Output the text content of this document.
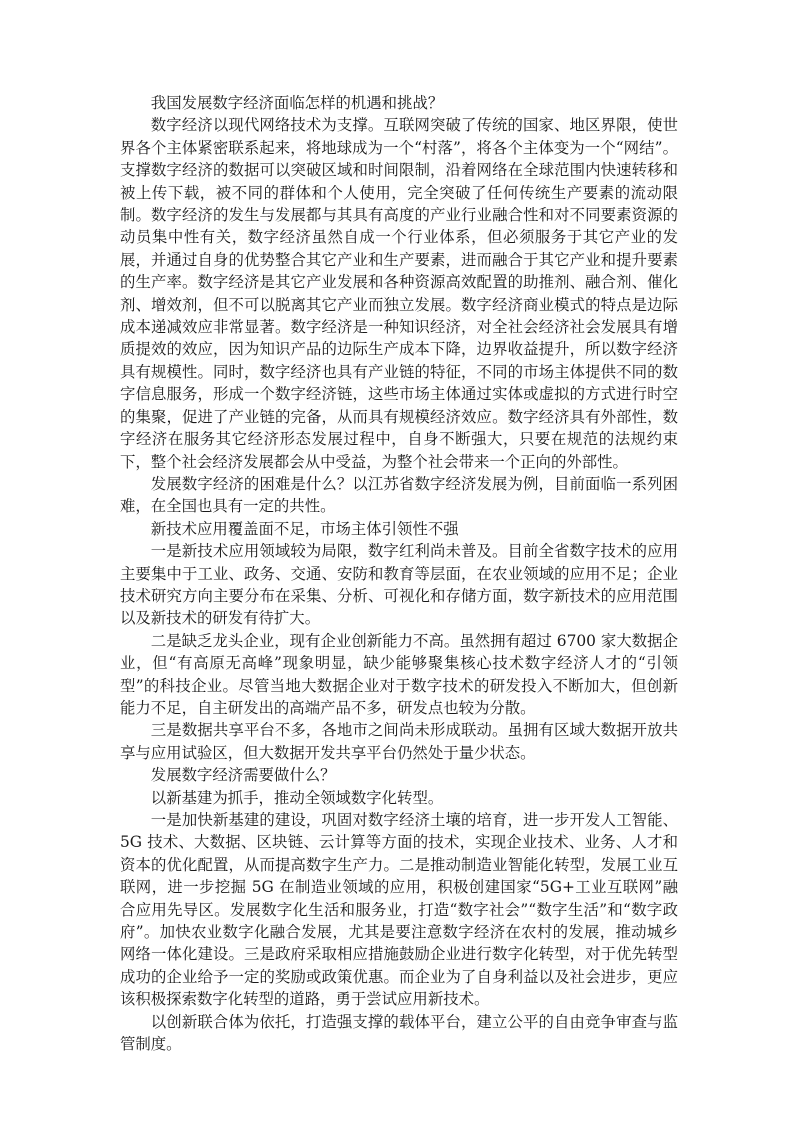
我国发展数字经济面临怎样的机遇和挑战？

数字经济以现代网络技术为支撑。互联网突破了传统的国家、地区界限，使世界各个主体紧密联系起来，将地球成为一个“村落”，将各个主体变为一个“网结”。支撑数字经济的数据可以突破区域和时间限制，沿着网络在全球范围内快速转移和被上传下载，被不同的群体和个人使用，完全突破了任何传统生产要素的流动限制。数字经济的发生与发展都与其具有高度的产业行业融合性和对不同要素资源的动员集中性有关，数字经济虽然自成一个行业体系，但必须服务于其它产业的发展，并通过自身的优势整合其它产业和生产要素，进而融合于其它产业和提升要素的生产率。数字经济是其它产业发展和各种资源高效配置的助推剂、融合剂、催化剂、增效剂，但不可以脱离其它产业而独立发展。数字经济商业模式的特点是边际成本递减效应非常显著。数字经济是一种知识经济，对全社会经济社会发展具有增质提效的效应，因为知识产品的边际生产成本下降，边界收益提升，所以数字经济具有规模性。同时，数字经济也具有产业链的特征，不同的市场主体提供不同的数字信息服务，形成一个数字经济链，这些市场主体通过实体或虚拟的方式进行时空的集聚，促进了产业链的完备，从而具有规模经济效应。数字经济具有外部性，数字经济在服务其它经济形态发展过程中，自身不断强大，只要在规范的法规约束下，整个社会经济发展都会从中受益，为整个社会带来一个正向的外部性。

发展数字经济的困难是什么？以江苏省数字经济发展为例，目前面临一系列困难，在全国也具有一定的共性。

新技术应用覆盖面不足，市场主体引领性不强

一是新技术应用领域较为局限，数字红利尚未普及。目前全省数字技术的应用主要集中于工业、政务、交通、安防和教育等层面，在农业领域的应用不足；企业技术研究方向主要分布在采集、分析、可视化和存储方面，数字新技术的应用范围以及新技术的研发有待扩大。

二是缺乏龙头企业，现有企业创新能力不高。虽然拥有超过 6700 家大数据企业，但“有高原无高峰”现象明显，缺少能够聚集核心技术数字经济人才的“引领型”的科技企业。尽管当地大数据企业对于数字技术的研发投入不断加大，但创新能力不足，自主研发出的高端产品不多，研发点也较为分散。

三是数据共享平台不多，各地市之间尚未形成联动。虽拥有区域大数据开放共享与应用试验区，但大数据开发共享平台仍然处于量少状态。

发展数字经济需要做什么？

以新基建为抓手，推动全领域数字化转型。

一是加快新基建的建设，巩固对数字经济土壤的培育，进一步开发人工智能、5G 技术、大数据、区块链、云计算等方面的技术，实现企业技术、业务、人才和资本的优化配置，从而提高数字生产力。二是推动制造业智能化转型，发展工业互联网，进一步挖掘 5G 在制造业领域的应用，积极创建国家“5G+工业互联网”融合应用先导区。发展数字化生活和服务业，打造“数字社会”“数字生活”和“数字政府”。加快农业数字化融合发展，尤其是要注意数字经济在农村的发展，推动城乡网络一体化建设。三是政府采取相应措施鼓励企业进行数字化转型，对于优先转型成功的企业给予一定的奖励或政策优惠。而企业为了自身利益以及社会进步，更应该积极探索数字化转型的道路，勇于尝试应用新技术。

以创新联合体为依托，打造强支撑的载体平台，建立公平的自由竞争审查与监管制度。
